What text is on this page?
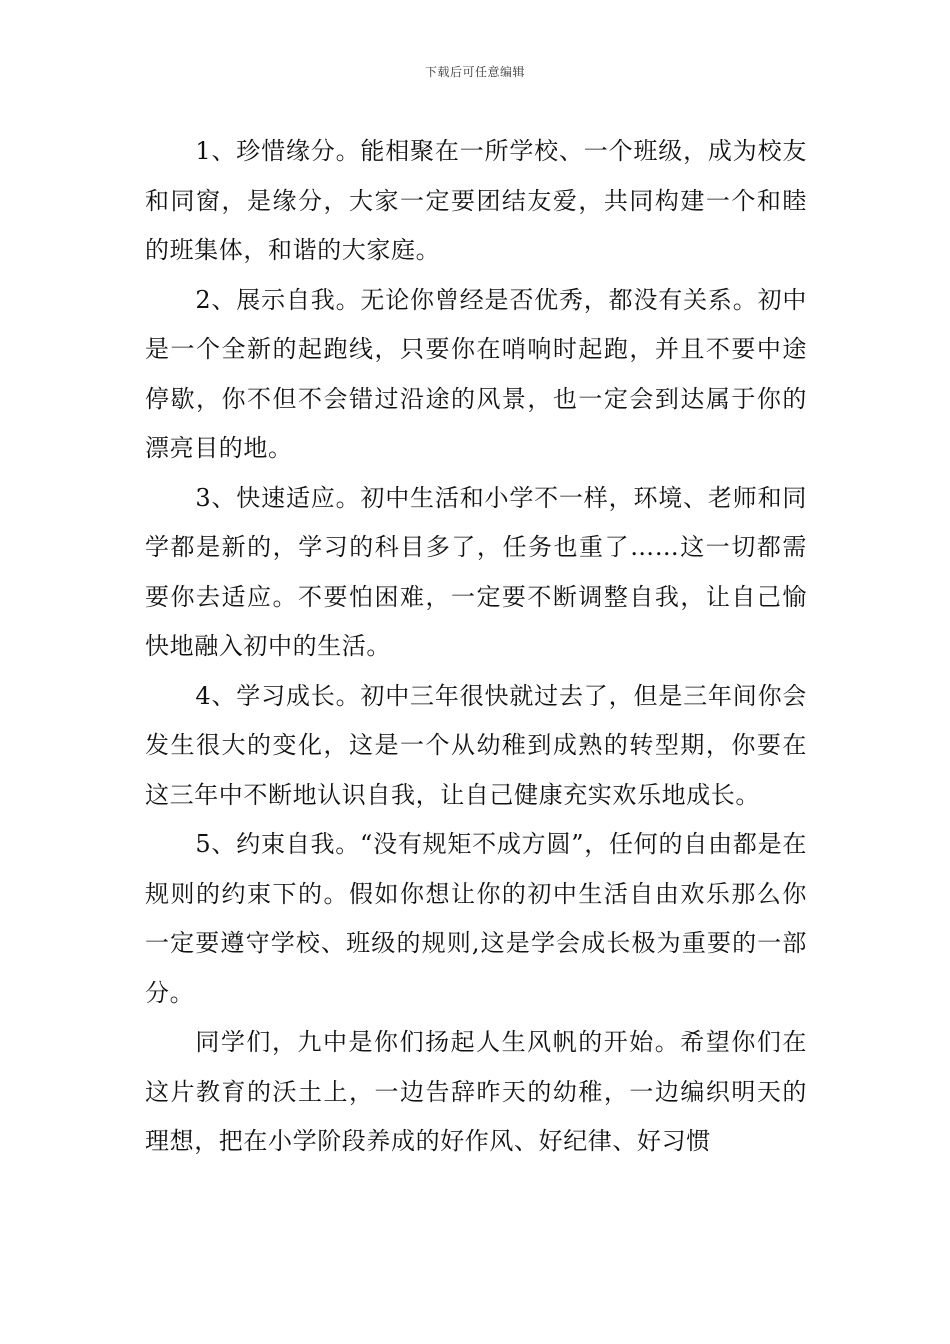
下载后可任意编辑

1、珍惜缘分。能相聚在一所学校、一个班级，成为校友和同窗，是缘分，大家一定要团结友爱，共同构建一个和睦的班集体，和谐的大家庭。

2、展示自我。无论你曾经是否优秀，都没有关系。初中是一个全新的起跑线，只要你在哨响时起跑，并且不要中途停歇，你不但不会错过沿途的风景，也一定会到达属于你的漂亮目的地。

3、快速适应。初中生活和小学不一样，环境、老师和同学都是新的，学习的科目多了，任务也重了……这一切都需要你去适应。不要怕困难，一定要不断调整自我，让自己愉快地融入初中的生活。

4、学习成长。初中三年很快就过去了，但是三年间你会发生很大的变化，这是一个从幼稚到成熟的转型期，你要在这三年中不断地认识自我，让自己健康充实欢乐地成长。

5、约束自我。“没有规矩不成方圆”，任何的自由都是在规则的约束下的。假如你想让你的初中生活自由欢乐那么你一定要遵守学校、班级的规则,这是学会成长极为重要的一部分。

同学们，九中是你们扬起人生风帆的开始。希望你们在这片教育的沃土上，一边告辞昨天的幼稚，一边编织明天的理想，把在小学阶段养成的好作风、好纪律、好习惯
